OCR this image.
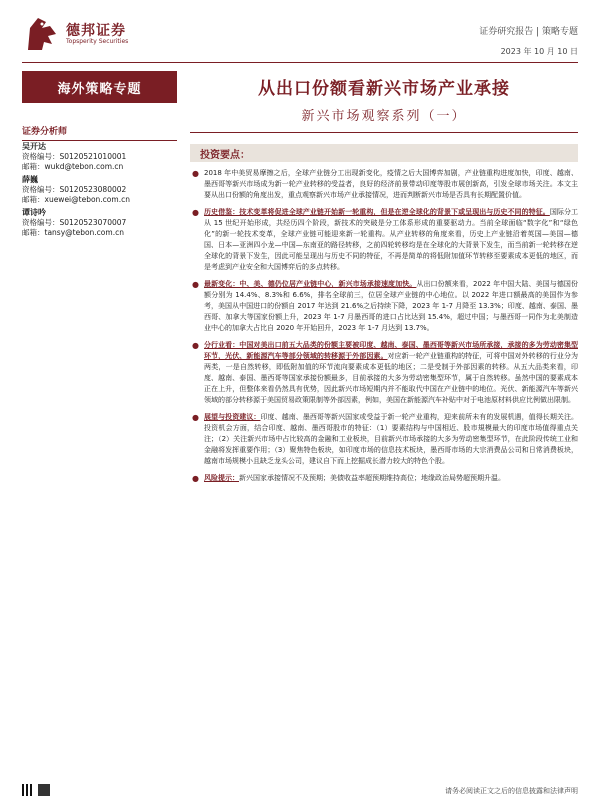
德邦证券
Topsperity Securities
证券研究报告 | 策略专题
2023 年 10 月 10 日
海外策略专题
证券分析师
吴开达
资格编号：S0120521010001
邮箱：wukd@tebon.com.cn
薛巍
资格编号：S0120523080002
邮箱：xuewei@tebon.com.cn
谭诗吟
资格编号：S0120523070007
邮箱：tansy@tebon.com.cn
从出口份额看新兴市场产业承接
新兴市场观察系列（一）
投资要点：
● 2018 年中美贸易摩擦之后，全球产业链分工出现新变化，疫情之后大国博弈加剧，产业链重构进度加快，印度、越南、墨西哥等新兴市场成为新一轮产业转移的受益者，良好的经济前景带动印度等股市展创新高，引发全球市场关注。本文主要从出口份额的角度出发，重点观察新兴市场产业承接情况，进而判断新兴市场是否具有长期配置价值。
● 历史借鉴：技术变革将促进全球产业链开始新一轮重构，但是在逆全球化的背景下或呈现出与历史不同的特征。国际分工从 15 世纪开始形成，共经历四个阶段，新技术的突破是分工体系形成的重要驱动力。当前全球面临“数字化”和“绿色化”的新一轮技术变革，全球产业链可能迎来新一轮重构。从产业转移的角度来看，历史上产业链沿着英国—美国—德国、日本—亚洲四小龙—中国—东南亚的路径转移，之前四轮转移均是在全球化的大背景下发生，而当前新一轮转移在逆全球化的背景下发生，因此可能呈现出与历史不同的特征，不再是简单的将低附加值环节转移至要素成本更低的地区，而是考虑到产业安全和大国博弈后的多点转移。
● 最新变化：中、美、德仍位居产业链中心，新兴市场承接速度加快。从出口份额来看，2022 年中国大陆、美国与德国份额分别为 14.4%、8.3%和 6.6%，排名全球前三，位居全球产业链的中心地位。以 2022 年进口额最高的美国作为参考，美国从中国进口的份额自 2017 年达到 21.6%之后持续下降，2023 年 1-7 月降至 13.3%；印度、越南、泰国、墨西哥、加拿大等国家份额上升，2023 年 1-7 月墨西哥的进口占比达到 15.4%，超过中国；与墨西哥一同作为北美制造业中心的加拿大占比自 2020 年开始回升，2023 年 1-7 月达到 13.7%。
● 分行业看：中国对美出口前五大品类的份额主要被印度、越南、泰国、墨西哥等新兴市场所承接，承接的多为劳动密集型环节，光伏、新能源汽车等部分领域的转移源于外部因素。对应新一轮产业链重构的特征，可将中国对外转移的行业分为两类，一是自然转移，即低附加值的环节流向要素成本更低的地区；二是受制于外部因素的转移。从五大品类来看，印度、越南、泰国、墨西哥等国家承接份额最多，目前承接的大多为劳动密集型环节，属于自然转移。虽然中国的要素成本正在上升，但整体来看仍然具有优势，因此新兴市场短期内并不能取代中国在产业链中的地位。光伏、新能源汽车等新兴领域的部分转移源于美国贸易政策限制等外部因素，例如，美国在新能源汽车补贴中对于电池原材料供应比例做出限制。
● 展望与投资建议：印度、越南、墨西哥等新兴国家或受益于新一轮产业重构，迎来前所未有的发展机遇，值得长期关注。投资机会方面，结合印度、越南、墨西哥股市的特征：（1）要素结构与中国相近、股市規模最大的印度市场值得重点关注；（2）关注新兴市场中占比较高的金融和工业板块，目前新兴市场承接的大多为劳动密集型环节，在此阶段传统工业和金融将发挥重要作用；（3）聚焦特色板块，如印度市场的信息技术板块，墨西哥市场的大宗消费品公司和日常消费板块，越南市场规模小且缺乏龙头公司，建议自下而上挖掘成长潜力较大的特色个股。
● 风险提示：新兴国家承接情况不及预期；美债收益率超预期维持高位；地缘政治局势超预期升温。
请务必阅读正文之后的信息披露和法律声明
